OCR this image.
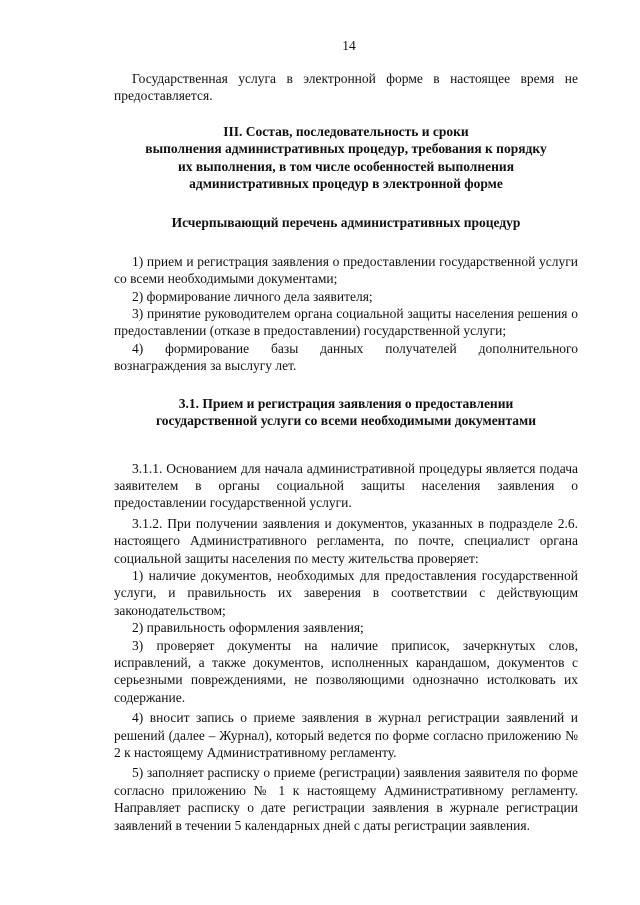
14

Государственная услуга в электронной форме в настоящее время не предоставляется.

III. Состав, последовательность и сроки
выполнения административных процедур, требования к порядку
их выполнения, в том числе особенностей выполнения
административных процедур в электронной форме
Исчерпывающий перечень административных процедур

1) прием и регистрация заявления о предоставлении государственной услуги со всеми необходимыми документами;

2) формирование личного дела заявителя;

3) принятие руководителем органа социальной защиты населения решения о предоставлении (отказе в предоставлении) государственной услуги;

4) формирование базы данных получателей дополнительного вознаграждения за выслугу лет.

3.1. Прием и регистрация заявления о предоставлении
государственной услуги со всеми необходимыми документами

3.1.1. Основанием для начала административной процедуры является подача заявителем в органы социальной защиты населения заявления о предоставлении государственной услуги.

3.1.2. При получении заявления и документов, указанных в подразделе 2.6. настоящего Административного регламента, по почте, специалист органа социальной защиты населения по месту жительства проверяет:

1) наличие документов, необходимых для предоставления государственной услуги, и правильность их заверения в соответствии с действующим законодательством;

2) правильность оформления заявления;

3) проверяет документы на наличие приписок, зачеркнутых слов, исправлений, а также документов, исполненных карандашом, документов с серьезными повреждениями, не позволяющими однозначно истолковать их содержание.

4) вносит запись о приеме заявления в журнал регистрации заявлений и решений (далее – Журнал), который ведется по форме согласно приложению № 2 к настоящему Административному регламенту.

5) заполняет расписку о приеме (регистрации) заявления заявителя по форме согласно приложению № 1 к настоящему Административному регламенту. Направляет расписку о дате регистрации заявления в журнале регистрации заявлений в течении 5 календарных дней с даты регистрации заявления.
